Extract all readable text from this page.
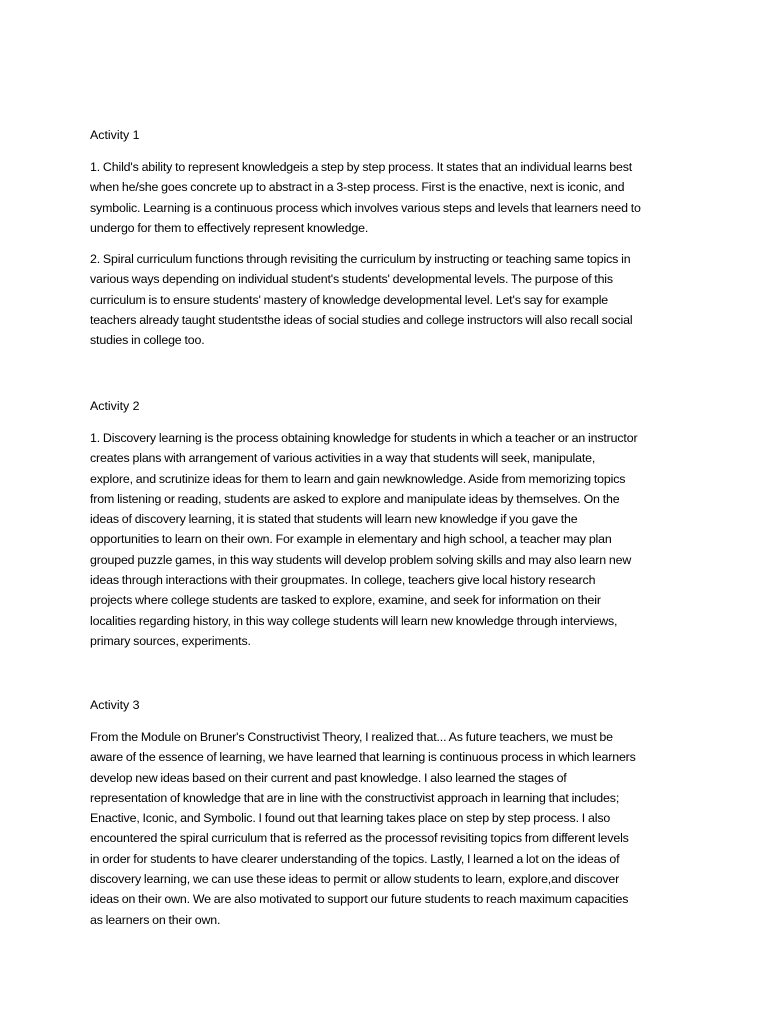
Activity 1
1. Child's ability to represent knowledgeis a step by step process. It states that an individual learns best
when he/she goes concrete up to abstract in a 3-step process. First is the enactive, next is iconic, and
symbolic. Learning is a continuous process which involves various steps and levels that learners need to
undergo for them to effectively represent knowledge.
2. Spiral curriculum functions through revisiting the curriculum by instructing or teaching same topics in
various ways depending on individual student's students' developmental levels. The purpose of this
curriculum is to ensure students' mastery of knowledge developmental level. Let's say for example
teachers already taught studentsthe ideas of social studies and college instructors will also recall social
studies in college too.
Activity 2
1. Discovery learning is the process obtaining knowledge for students in which a teacher or an instructor
creates plans with arrangement of various activities in a way that students will seek, manipulate,
explore, and scrutinize ideas for them to learn and gain newknowledge. Aside from memorizing topics
from listening or reading, students are asked to explore and manipulate ideas by themselves. On the
ideas of discovery learning, it is stated that students will learn new knowledge if you gave the
opportunities to learn on their own. For example in elementary and high school, a teacher may plan
grouped puzzle games, in this way students will develop problem solving skills and may also learn new
ideas through interactions with their groupmates. In college, teachers give local history research
projects where college students are tasked to explore, examine, and seek for information on their
localities regarding history, in this way college students will learn new knowledge through interviews,
primary sources, experiments.
Activity 3
From the Module on Bruner's Constructivist Theory, I realized that... As future teachers, we must be
aware of the essence of learning, we have learned that learning is continuous process in which learners
develop new ideas based on their current and past knowledge. I also learned the stages of
representation of knowledge that are in line with the constructivist approach in learning that includes;
Enactive, Iconic, and Symbolic. I found out that learning takes place on step by step process. I also
encountered the spiral curriculum that is referred as the processof revisiting topics from different levels
in order for students to have clearer understanding of the topics. Lastly, I learned a lot on the ideas of
discovery learning, we can use these ideas to permit or allow students to learn, explore,and discover
ideas on their own. We are also motivated to support our future students to reach maximum capacities
as learners on their own.
